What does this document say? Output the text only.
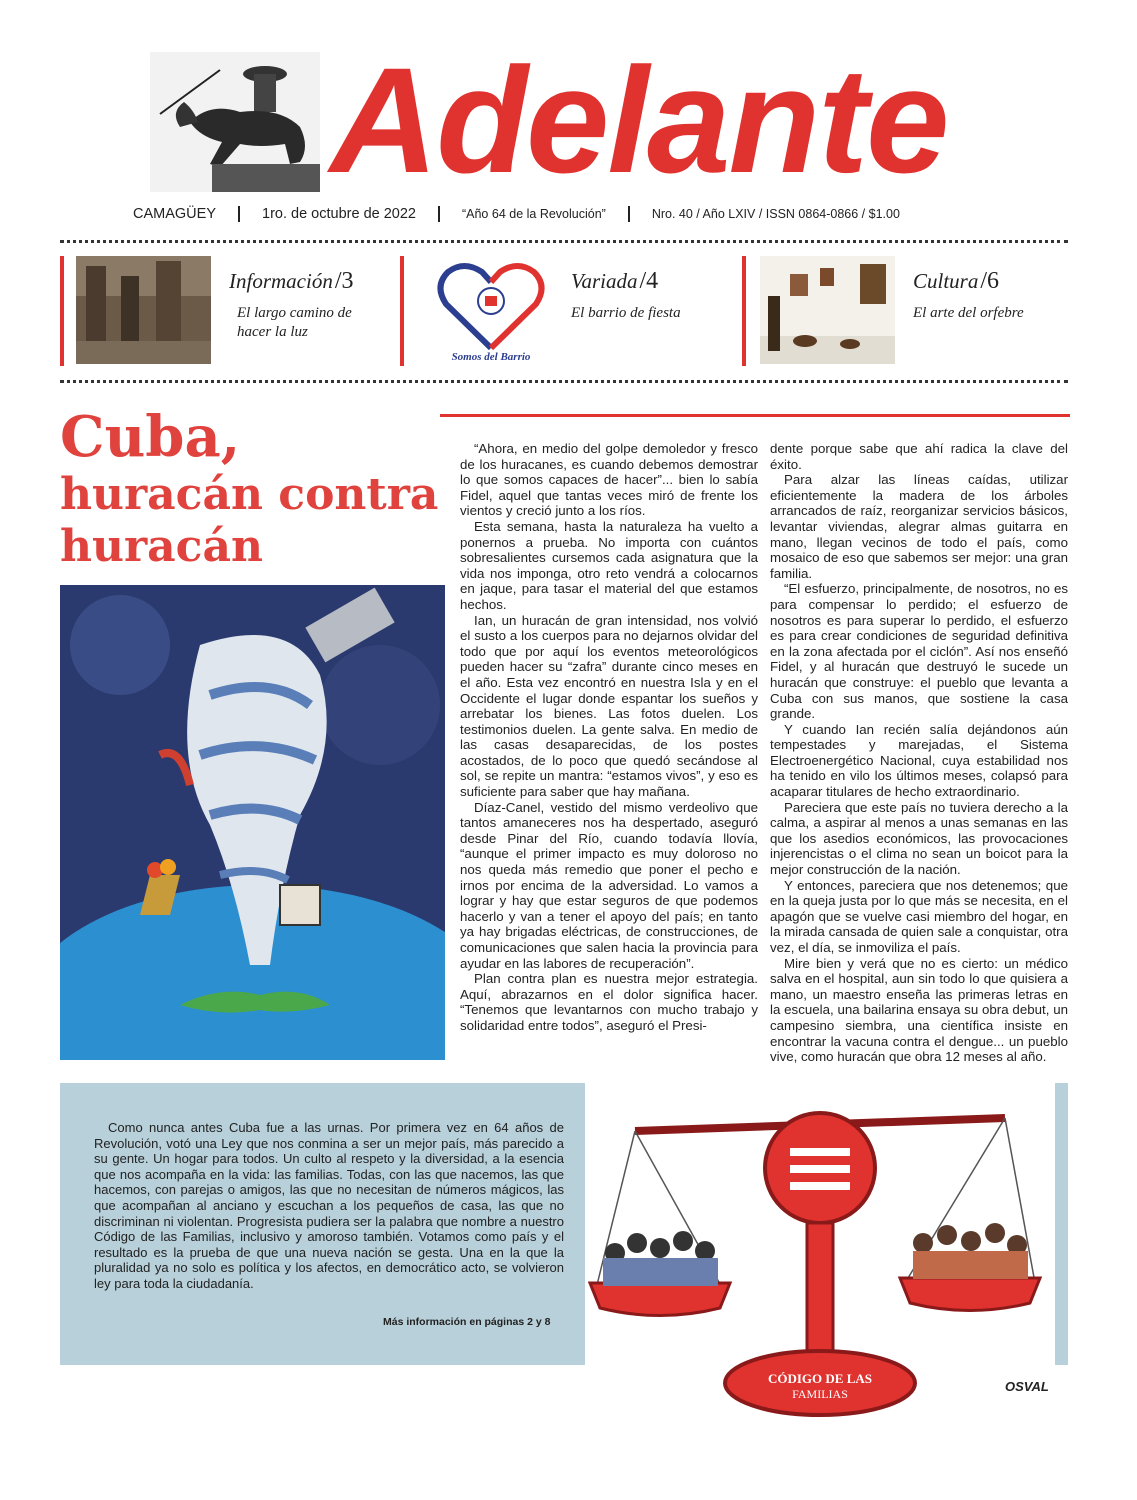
Adelante
CAMAGÜEY	1ro. de octubre de 2022	“Año 64 de la Revolución”	Nro. 40 / Año LXIV / ISSN 0864-0866 / $1.00
Información/3
El largo camino de hacer la luz
Somos del Barrio
Variada/4
El barrio de fiesta
Cultura/6
El arte del orfebre
Cuba,
huracán contra
huracán

“Ahora, en medio del golpe demoledor y fresco de los huracanes, es cuando debemos demostrar lo que somos capaces de hacer”... bien lo sabía Fidel, aquel que tantas veces miró de frente los vientos y creció junto a los ríos.

Esta semana, hasta la naturaleza ha vuelto a ponernos a prueba. No importa con cuántos sobresalientes cursemos cada asignatura que la vida nos imponga, otro reto vendrá a colocarnos en jaque, para tasar el material del que estamos hechos.

Ian, un huracán de gran intensidad, nos volvió el susto a los cuerpos para no dejarnos olvidar del todo que por aquí los eventos meteorológicos pueden hacer su “zafra” durante cinco meses en el año. Esta vez encontró en nuestra Isla y en el Occidente el lugar donde espantar los sueños y arrebatar los bienes. Las fotos duelen. Los testimonios duelen. La gente salva. En medio de las casas desaparecidas, de los postes acostados, de lo poco que quedó secándose al sol, se repite un mantra: “estamos vivos”, y eso es suficiente para saber que hay mañana.

Díaz-Canel, vestido del mismo verdeolivo que tantos amaneceres nos ha despertado, aseguró desde Pinar del Río, cuando todavía llovía, “aunque el primer impacto es muy doloroso no nos queda más remedio que poner el pecho e irnos por encima de la adversidad. Lo vamos a lograr y hay que estar seguros de que podemos hacerlo y van a tener el apoyo del país; en tanto ya hay brigadas eléctricas, de construcciones, de comunicaciones que salen hacia la provincia para ayudar en las labores de recuperación”.

Plan contra plan es nuestra mejor estrategia. Aquí, abrazarnos en el dolor significa hacer. “Tenemos que levantarnos con mucho trabajo y solidaridad entre todos”, aseguró el Presi-

dente porque sabe que ahí radica la clave del éxito.

Para alzar las líneas caídas, utilizar eficientemente la madera de los árboles arrancados de raíz, reorganizar servicios básicos, levantar viviendas, alegrar almas guitarra en mano, llegan vecinos de todo el país, como mosaico de eso que sabemos ser mejor: una gran familia.

“El esfuerzo, principalmente, de nosotros, no es para compensar lo perdido; el esfuerzo de nosotros es para superar lo perdido, el esfuerzo es para crear condiciones de seguridad definitiva en la zona afectada por el ciclón”. Así nos enseñó Fidel, y al huracán que destruyó le sucede un huracán que construye: el pueblo que levanta a Cuba con sus manos, que sostiene la casa grande.

Y cuando Ian recién salía dejándonos aún tempestades y marejadas, el Sistema Electroenergético Nacional, cuya estabilidad nos ha tenido en vilo los últimos meses, colapsó para acaparar titulares de hecho extraordinario.

Pareciera que este país no tuviera derecho a la calma, a aspirar al menos a unas semanas en las que los asedios económicos, las provocaciones injerencistas o el clima no sean un boicot para la mejor construcción de la nación.

Y entonces, pareciera que nos detenemos; que en la queja justa por lo que más se necesita, en el apagón que se vuelve casi miembro del hogar, en la mirada cansada de quien sale a conquistar, otra vez, el día, se inmoviliza el país.

Mire bien y verá que no es cierto: un médico salva en el hospital, aun sin todo lo que quisiera a mano, un maestro enseña las primeras letras en la escuela, una bailarina ensaya su obra debut, un campesino siembra, una científica insiste en encontrar la vacuna contra el dengue... un pueblo vive, como huracán que obra 12 meses al año.

Como nunca antes Cuba fue a las urnas. Por primera vez en 64 años de Revolución, votó una Ley que nos conmina a ser un mejor país, más parecido a su gente. Un hogar para todos. Un culto al respeto y la diversidad, a la esencia que nos acompaña en la vida: las familias. Todas, con las que nacemos, las que hacemos, con parejas o amigos, las que no necesitan de números mágicos, las que acompañan al anciano y escuchan a los pequeños de casa, las que no discriminan ni violentan. Progresista pudiera ser la palabra que nombre a nuestro Código de las Familias, inclusivo y amoroso también. Votamos como país y el resultado es la prueba de que una nueva nación se gesta. Una en la que la pluralidad ya no solo es política y los afectos, en democrático acto, se volvieron ley para toda la ciudadanía.
Más información en páginas 2 y 8
CÓDIGO DE LAS
FAMILIAS	OSVAL
